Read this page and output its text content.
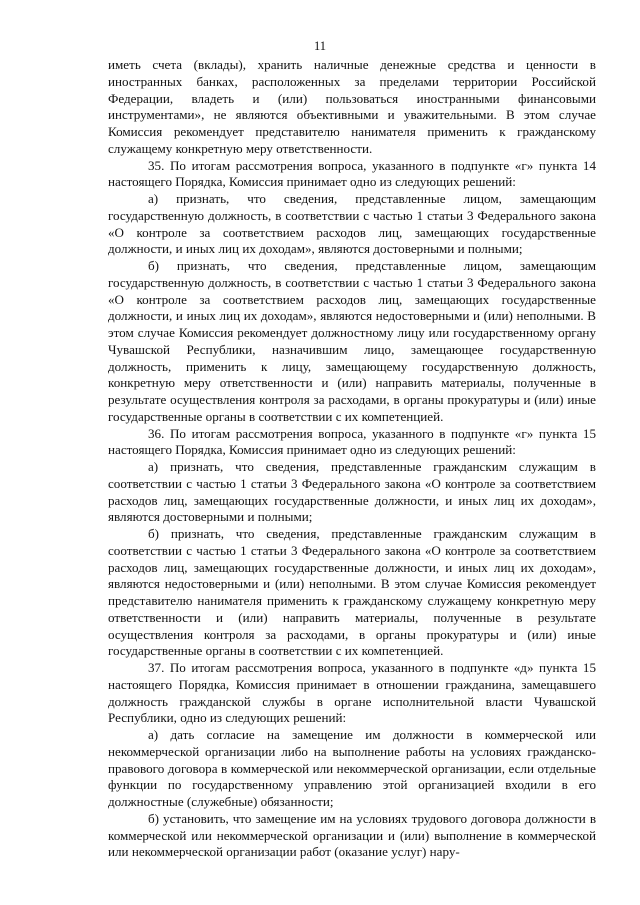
11

иметь счета (вклады), хранить наличные денежные средства и ценности в иностранных банках, расположенных за пределами территории Российской Федерации, владеть и (или) пользоваться иностранными финансовыми инструментами», не являются объективными и уважительными. В этом случае Комиссия рекомендует представителю нанимателя применить к гражданскому служащему конкретную меру ответственности.

35. По итогам рассмотрения вопроса, указанного в подпункте «г» пункта 14 настоящего Порядка, Комиссия принимает одно из следующих решений:

а) признать, что сведения, представленные лицом, замещающим государственную должность, в соответствии с частью 1 статьи 3 Федерального закона «О контроле за соответствием расходов лиц, замещающих государственные должности, и иных лиц их доходам», являются достоверными и полными;

б) признать, что сведения, представленные лицом, замещающим государственную должность, в соответствии с частью 1 статьи 3 Федерального закона «О контроле за соответствием расходов лиц, замещающих государственные должности, и иных лиц их доходам», являются недостоверными и (или) неполными. В этом случае Комиссия рекомендует должностному лицу или государственному органу Чувашской Республики, назначившим лицо, замещающее государственную должность, применить к лицу, замещающему государственную должность, конкретную меру ответственности и (или) направить материалы, полученные в результате осуществления контроля за расходами, в органы прокуратуры и (или) иные государственные органы в соответствии с их компетенцией.

36. По итогам рассмотрения вопроса, указанного в подпункте «г» пункта 15 настоящего Порядка, Комиссия принимает одно из следующих решений:

а) признать, что сведения, представленные гражданским служащим в соответствии с частью 1 статьи 3 Федерального закона «О контроле за соответствием расходов лиц, замещающих государственные должности, и иных лиц их доходам», являются достоверными и полными;

б) признать, что сведения, представленные гражданским служащим в соответствии с частью 1 статьи 3 Федерального закона «О контроле за соответствием расходов лиц, замещающих государственные должности, и иных лиц их доходам», являются недостоверными и (или) неполными. В этом случае Комиссия рекомендует представителю нанимателя применить к гражданскому служащему конкретную меру ответственности и (или) направить материалы, полученные в результате осуществления контроля за расходами, в органы прокуратуры и (или) иные государственные органы в соответствии с их компетенцией.

37. По итогам рассмотрения вопроса, указанного в подпункте «д» пункта 15 настоящего Порядка, Комиссия принимает в отношении гражданина, замещавшего должность гражданской службы в органе исполнительной власти Чувашской Республики, одно из следующих решений:

а) дать согласие на замещение им должности в коммерческой или некоммерческой организации либо на выполнение работы на условиях гражданско-правового договора в коммерческой или некоммерческой организации, если отдельные функции по государственному управлению этой организацией входили в его должностные (служебные) обязанности;

б) установить, что замещение им на условиях трудового договора должности в коммерческой или некоммерческой организации и (или) выполнение в коммерческой или некоммерческой организации работ (оказание услуг) нару-
